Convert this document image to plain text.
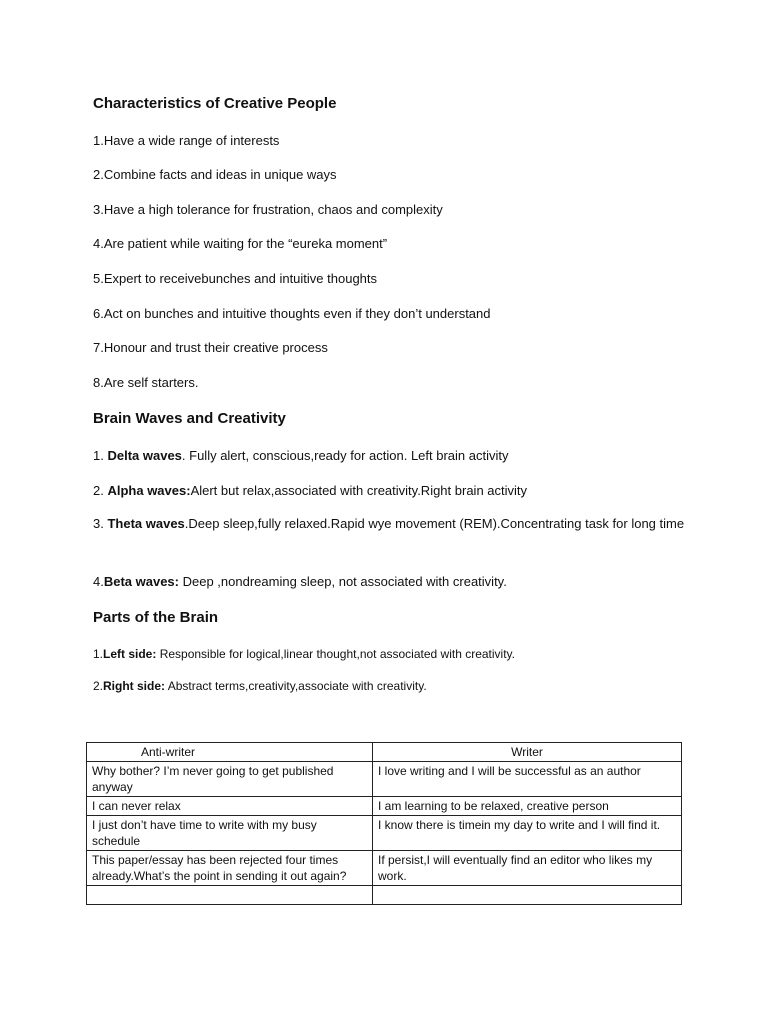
Characteristics of Creative People

1.Have a wide range of interests

2.Combine facts and ideas in unique ways

3.Have a high tolerance for frustration, chaos and complexity

4.Are patient while waiting for the “eureka moment”

5.Expert to receivebunches and intuitive thoughts

6.Act on bunches and intuitive thoughts even if they don’t understand

7.Honour and trust their creative process

8.Are self starters.

Brain Waves and Creativity

1. Delta waves. Fully alert, conscious,ready for action. Left brain activity

2. Alpha waves:Alert but relax,associated with creativity.Right brain activity

3. Theta waves.Deep sleep,fully relaxed.Rapid wye movement (REM).Concentrating task for long time

4.Beta waves: Deep ,nondreaming sleep, not associated with creativity.

Parts of the Brain

1.Left side: Responsible for logical,linear thought,not associated with creativity.

2.Right side: Abstract terms,creativity,associate with creativity.

Anti-writer	Writer
Why bother? I’m never going to get published anyway	I love writing and I will be successful as an author
I can never relax	I am learning to be relaxed, creative person
I just don’t have time to write with my busy schedule	I know there is timein my day to write and I will find it.
This paper/essay has been rejected four times already.What’s the point in sending it out again?	If persist,I will eventually find an editor who likes my work.
